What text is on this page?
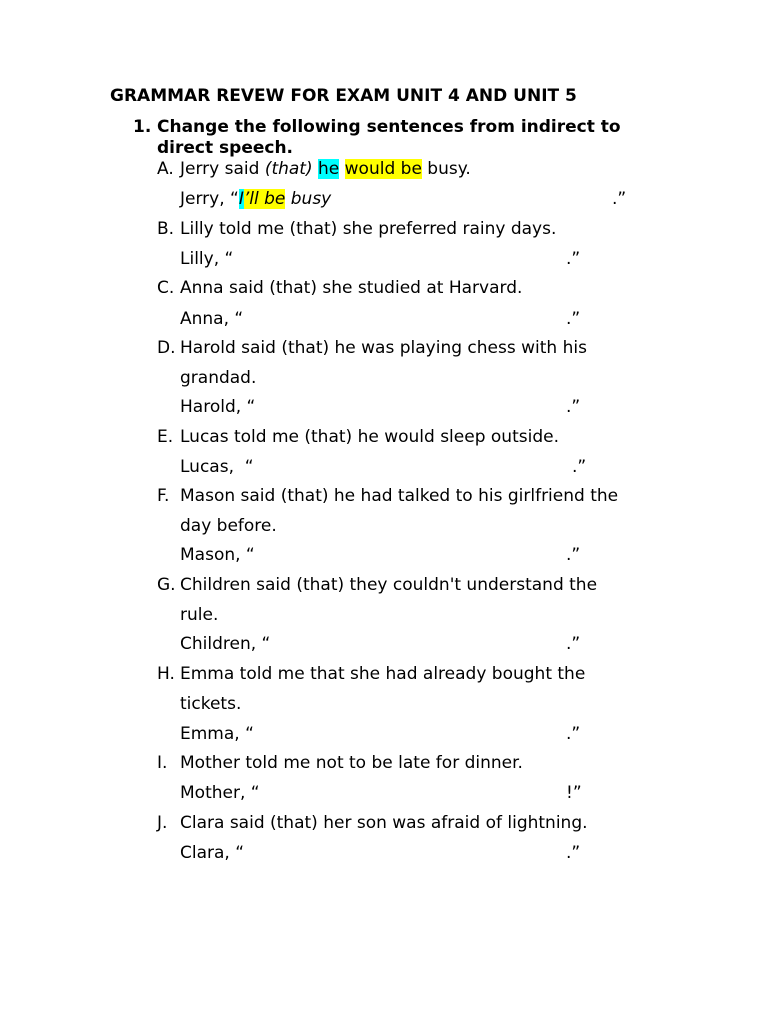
GRAMMAR REVEW FOR EXAM UNIT 4 AND UNIT 5
1. Change the following sentences from indirect to direct speech.
A. Jerry said (that) he would be busy.
Jerry, “I’ll be busy	.”
B. Lilly told me (that) she preferred rainy days.
Lilly, “	.”
C. Anna said (that) she studied at Harvard.
Anna, “	.”
D. Harold said (that) he was playing chess with his
grandad.
Harold, “	.”
E. Lucas told me (that) he would sleep outside.
Lucas,  “	.”
F. Mason said (that) he had talked to his girlfriend the
day before.
Mason, “	.”
G. Children said (that) they couldn't understand the
rule.
Children, “	.”
H. Emma told me that she had already bought the
tickets.
Emma, “	.”
I. Mother told me not to be late for dinner.
Mother, “	!”
J. Clara said (that) her son was afraid of lightning.
Clara, “	.”
